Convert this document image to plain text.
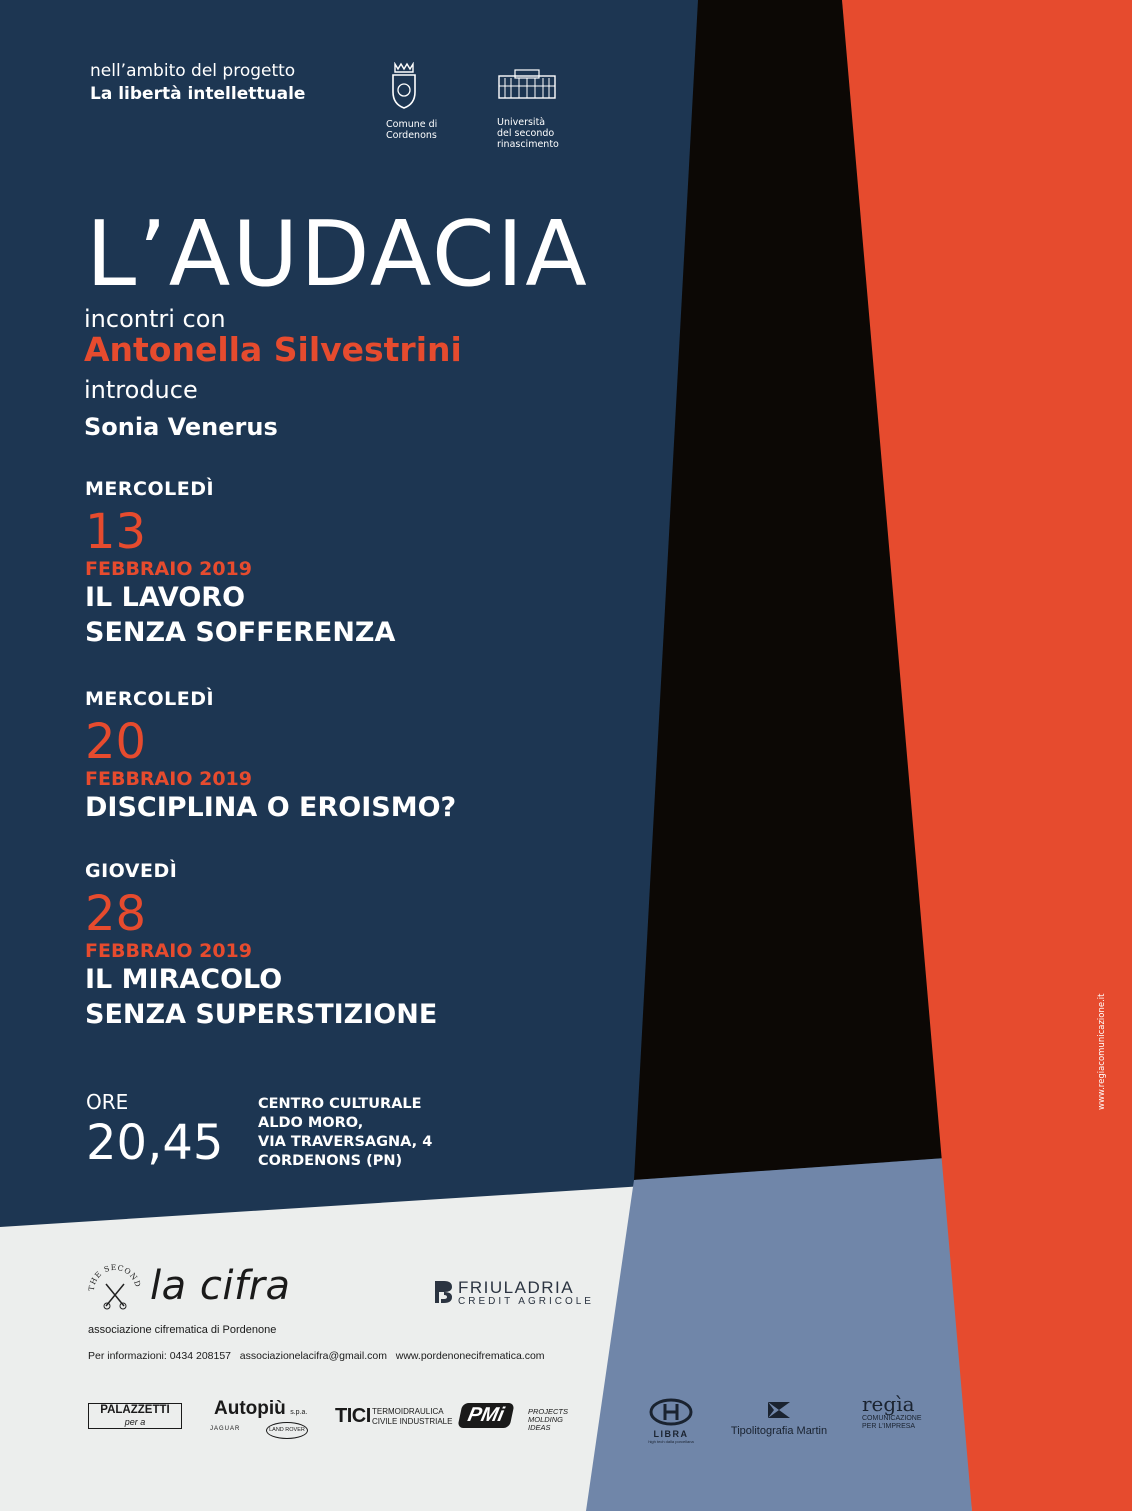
nell’ambito del progetto
La libertà intellettuale
Comune di
Cordenons
Università
del secondo
rinascimento
L’AUDACIA
incontri con
Antonella Silvestrini
introduce
Sonia Venerus
MERCOLEDÌ
13
FEBBRAIO 2019
IL LAVORO
SENZA SOFFERENZA
MERCOLEDÌ
20
FEBBRAIO 2019
DISCIPLINA O EROISMO?
GIOVEDÌ
28
FEBBRAIO 2019
IL MIRACOLO
SENZA SUPERSTIZIONE
ORE
20,45
CENTRO CULTURALE
ALDO MORO,
VIA TRAVERSAGNA, 4
CORDENONS (PN)
www.regiacomunicazione.it
THE SECOND la cifra
associazione cifrematica di Pordenone
Per informazioni: 0434 208157   associazionelacifra@gmail.com   www.pordenonecifrematica.com
FRIULADRIA
CREDIT AGRICOLE
PALAZZETTI
per a
Autopiù s.p.a.
JAGUAR	LAND ROVER
TICI TERMOIDRAULICA
CIVILE INDUSTRIALE PMi	PROJECTS
MOLDING
IDEAS
LIBRA
high tech dalla porcellana
Tipolitografia Martin
regìa
COMUNICAZIONE
PER L'IMPRESA
